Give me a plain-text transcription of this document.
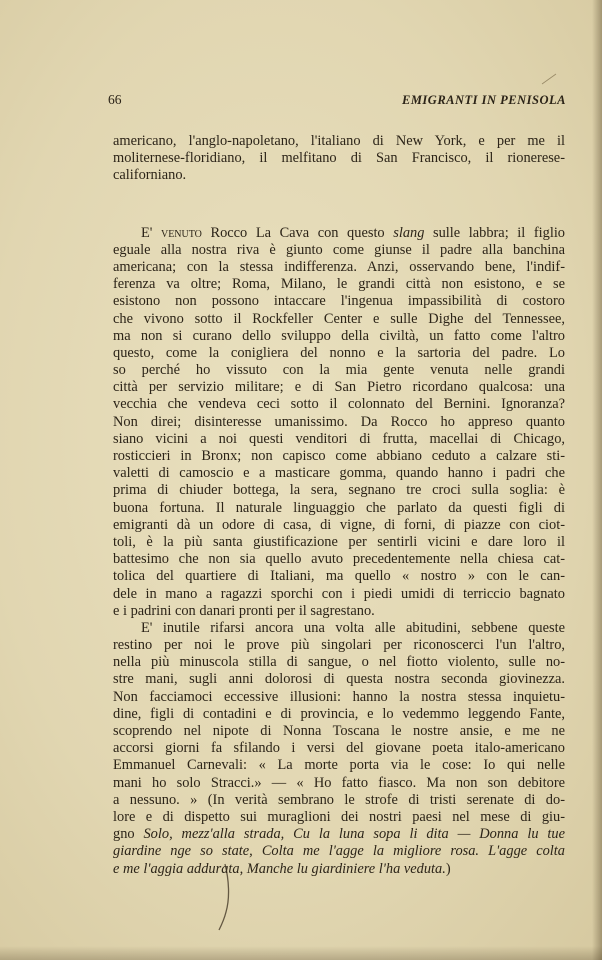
66	EMIGRANTI IN PENISOLA
americano, l'anglo-napoletano, l'italiano di New York, e per me il
moliternese-floridiano, il melfitano di San Francisco, il rionerese-
californiano.
E' venuto Rocco La Cava con questo slang sulle labbra; il figlio
eguale alla nostra riva è giunto come giunse il padre alla banchina
americana; con la stessa indifferenza. Anzi, osservando bene, l'indif-
ferenza va oltre; Roma, Milano, le grandi città non esistono, e se
esistono non possono intaccare l'ingenua impassibilità di costoro
che vivono sotto il Rockfeller Center e sulle Dighe del Tennessee,
ma non si curano dello sviluppo della civiltà, un fatto come l'altro
questo, come la conigliera del nonno e la sartoria del padre. Lo
so perché ho vissuto con la mia gente venuta nelle grandi
città per servizio militare; e di San Pietro ricordano qualcosa: una
vecchia che vendeva ceci sotto il colonnato del Bernini. Ignoranza?
Non direi; disinteresse umanissimo. Da Rocco ho appreso quanto
siano vicini a noi questi venditori di frutta, macellai di Chicago,
rosticcieri in Bronx; non capisco come abbiano ceduto a calzare sti-
valetti di camoscio e a masticare gomma, quando hanno i padri che
prima di chiuder bottega, la sera, segnano tre croci sulla soglia: è
buona fortuna. Il naturale linguaggio che parlato da questi figli di
emigranti dà un odore di casa, di vigne, di forni, di piazze con ciot-
toli, è la più santa giustificazione per sentirli vicini e dare loro il
battesimo che non sia quello avuto precedentemente nella chiesa cat-
tolica del quartiere di Italiani, ma quello « nostro » con le can-
dele in mano a ragazzi sporchi con i piedi umidi di terriccio bagnato
e i padrini con danari pronti per il sagrestano.
E' inutile rifarsi ancora una volta alle abitudini, sebbene queste
restino per noi le prove più singolari per riconoscerci l'un l'altro,
nella più minuscola stilla di sangue, o nel fiotto violento, sulle no-
stre mani, sugli anni dolorosi di questa nostra seconda giovinezza.
Non facciamoci eccessive illusioni: hanno la nostra stessa inquietu-
dine, figli di contadini e di provincia, e lo vedemmo leggendo Fante,
scoprendo nel nipote di Nonna Toscana le nostre ansie, e me ne
accorsi giorni fa sfilando i versi del giovane poeta italo-americano
Emmanuel Carnevali: « La morte porta via le cose: Io qui nelle
mani ho solo Stracci.» — « Ho fatto fiasco. Ma non son debitore
a nessuno. » (In verità sembrano le strofe di tristi serenate di do-
lore e di dispetto sui muraglioni dei nostri paesi nel mese di giu-
gno Solo, mezz'alla strada, Cu la luna sopa li dita — Donna lu tue
giardine nge so state, Colta me l'agge la migliore rosa. L'agge colta
e me l'aggia addurata, Manche lu giardiniere l'ha veduta.)
